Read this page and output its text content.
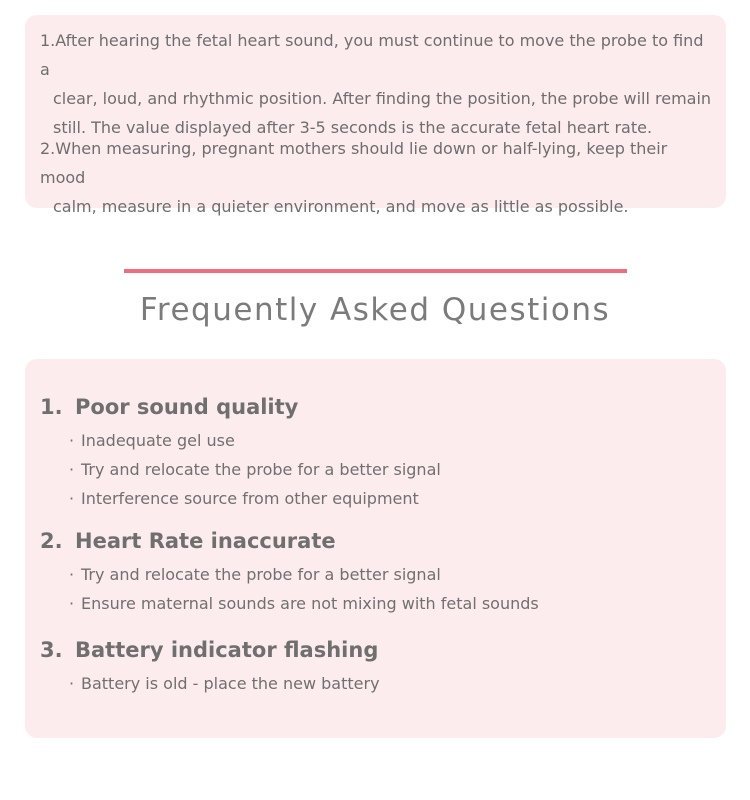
1.After hearing the fetal heart sound, you must continue to move the probe to find a
clear, loud, and rhythmic position. After finding the position, the probe will remain
still. The value displayed after 3-5 seconds is the accurate fetal heart rate.
2.When measuring, pregnant mothers should lie down or half-lying, keep their mood
calm, measure in a quieter environment, and move as little as possible.
Frequently Asked Questions
1. Poor sound quality
· Inadequate gel use
· Try and relocate the probe for a better signal
· Interference source from other equipment
2. Heart Rate inaccurate
· Try and relocate the probe for a better signal
· Ensure maternal sounds are not mixing with fetal sounds
3. Battery indicator flashing
· Battery is old - place the new battery
